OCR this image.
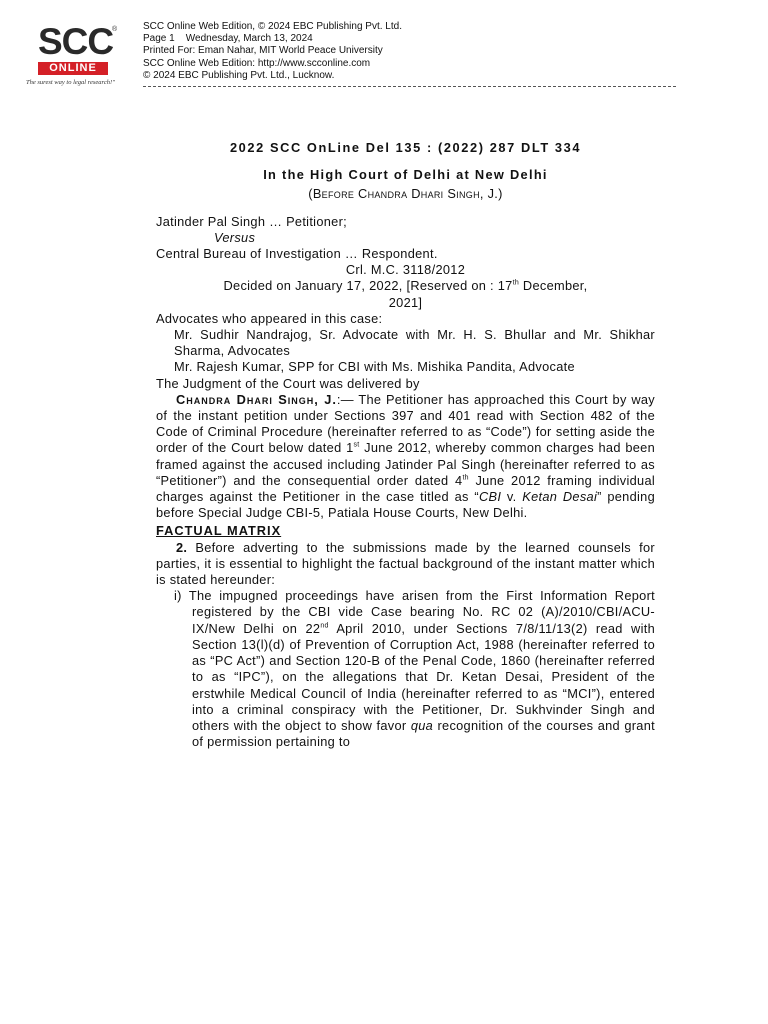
SCC
®
ONLINE
The surest way to legal research!"
SCC Online Web Edition, © 2024 EBC Publishing Pvt. Ltd.
Page 1 Wednesday, March 13, 2024
Printed For: Eman Nahar, MIT World Peace University
SCC Online Web Edition: http://www.scconline.com
© 2024 EBC Publishing Pvt. Ltd., Lucknow.
2022 SCC OnLine Del 135 : (2022) 287 DLT 334
In the High Court of Delhi at New Delhi
(Before Chandra Dhari Singh, J.)
Jatinder Pal Singh … Petitioner;
Versus
Central Bureau of Investigation … Respondent.
Crl. M.C. 3118/2012
Decided on January 17, 2022, [Reserved on : 17th December,
2021]
Advocates who appeared in this case:
Mr. Sudhir Nandrajog, Sr. Advocate with Mr. H. S. Bhullar and Mr. Shikhar Sharma, Advocates
Mr. Rajesh Kumar, SPP for CBI with Ms. Mishika Pandita, Advocate
The Judgment of the Court was delivered by

Chandra Dhari Singh, J.:— The Petitioner has approached this Court by way of the instant petition under Sections 397 and 401 read with Section 482 of the Code of Criminal Procedure (hereinafter referred to as “Code”) for setting aside the order of the Court below dated 1st June 2012, whereby common charges had been framed against the accused including Jatinder Pal Singh (hereinafter referred to as “Petitioner”) and the consequential order dated 4th June 2012 framing individual charges against the Petitioner in the case titled as “CBI v. Ketan Desai” pending before Special Judge CBI-5, Patiala House Courts, New Delhi.

FACTUAL MATRIX

2. Before adverting to the submissions made by the learned counsels for parties, it is essential to highlight the factual background of the instant matter which is stated hereunder:

i) The impugned proceedings have arisen from the First Information Report registered by the CBI vide Case bearing No. RC 02 (A)/2010/CBI/ACU-IX/New Delhi on 22nd April 2010, under Sections 7/8/11/13(2) read with Section 13(l)(d) of Prevention of Corruption Act, 1988 (hereinafter referred to as “PC Act”) and Section 120-B of the Penal Code, 1860 (hereinafter referred to as “IPC”), on the allegations that Dr. Ketan Desai, President of the erstwhile Medical Council of India (hereinafter referred to as “MCI”), entered into a criminal conspiracy with the Petitioner, Dr. Sukhvinder Singh and others with the object to show favor qua recognition of the courses and grant of permission pertaining to
